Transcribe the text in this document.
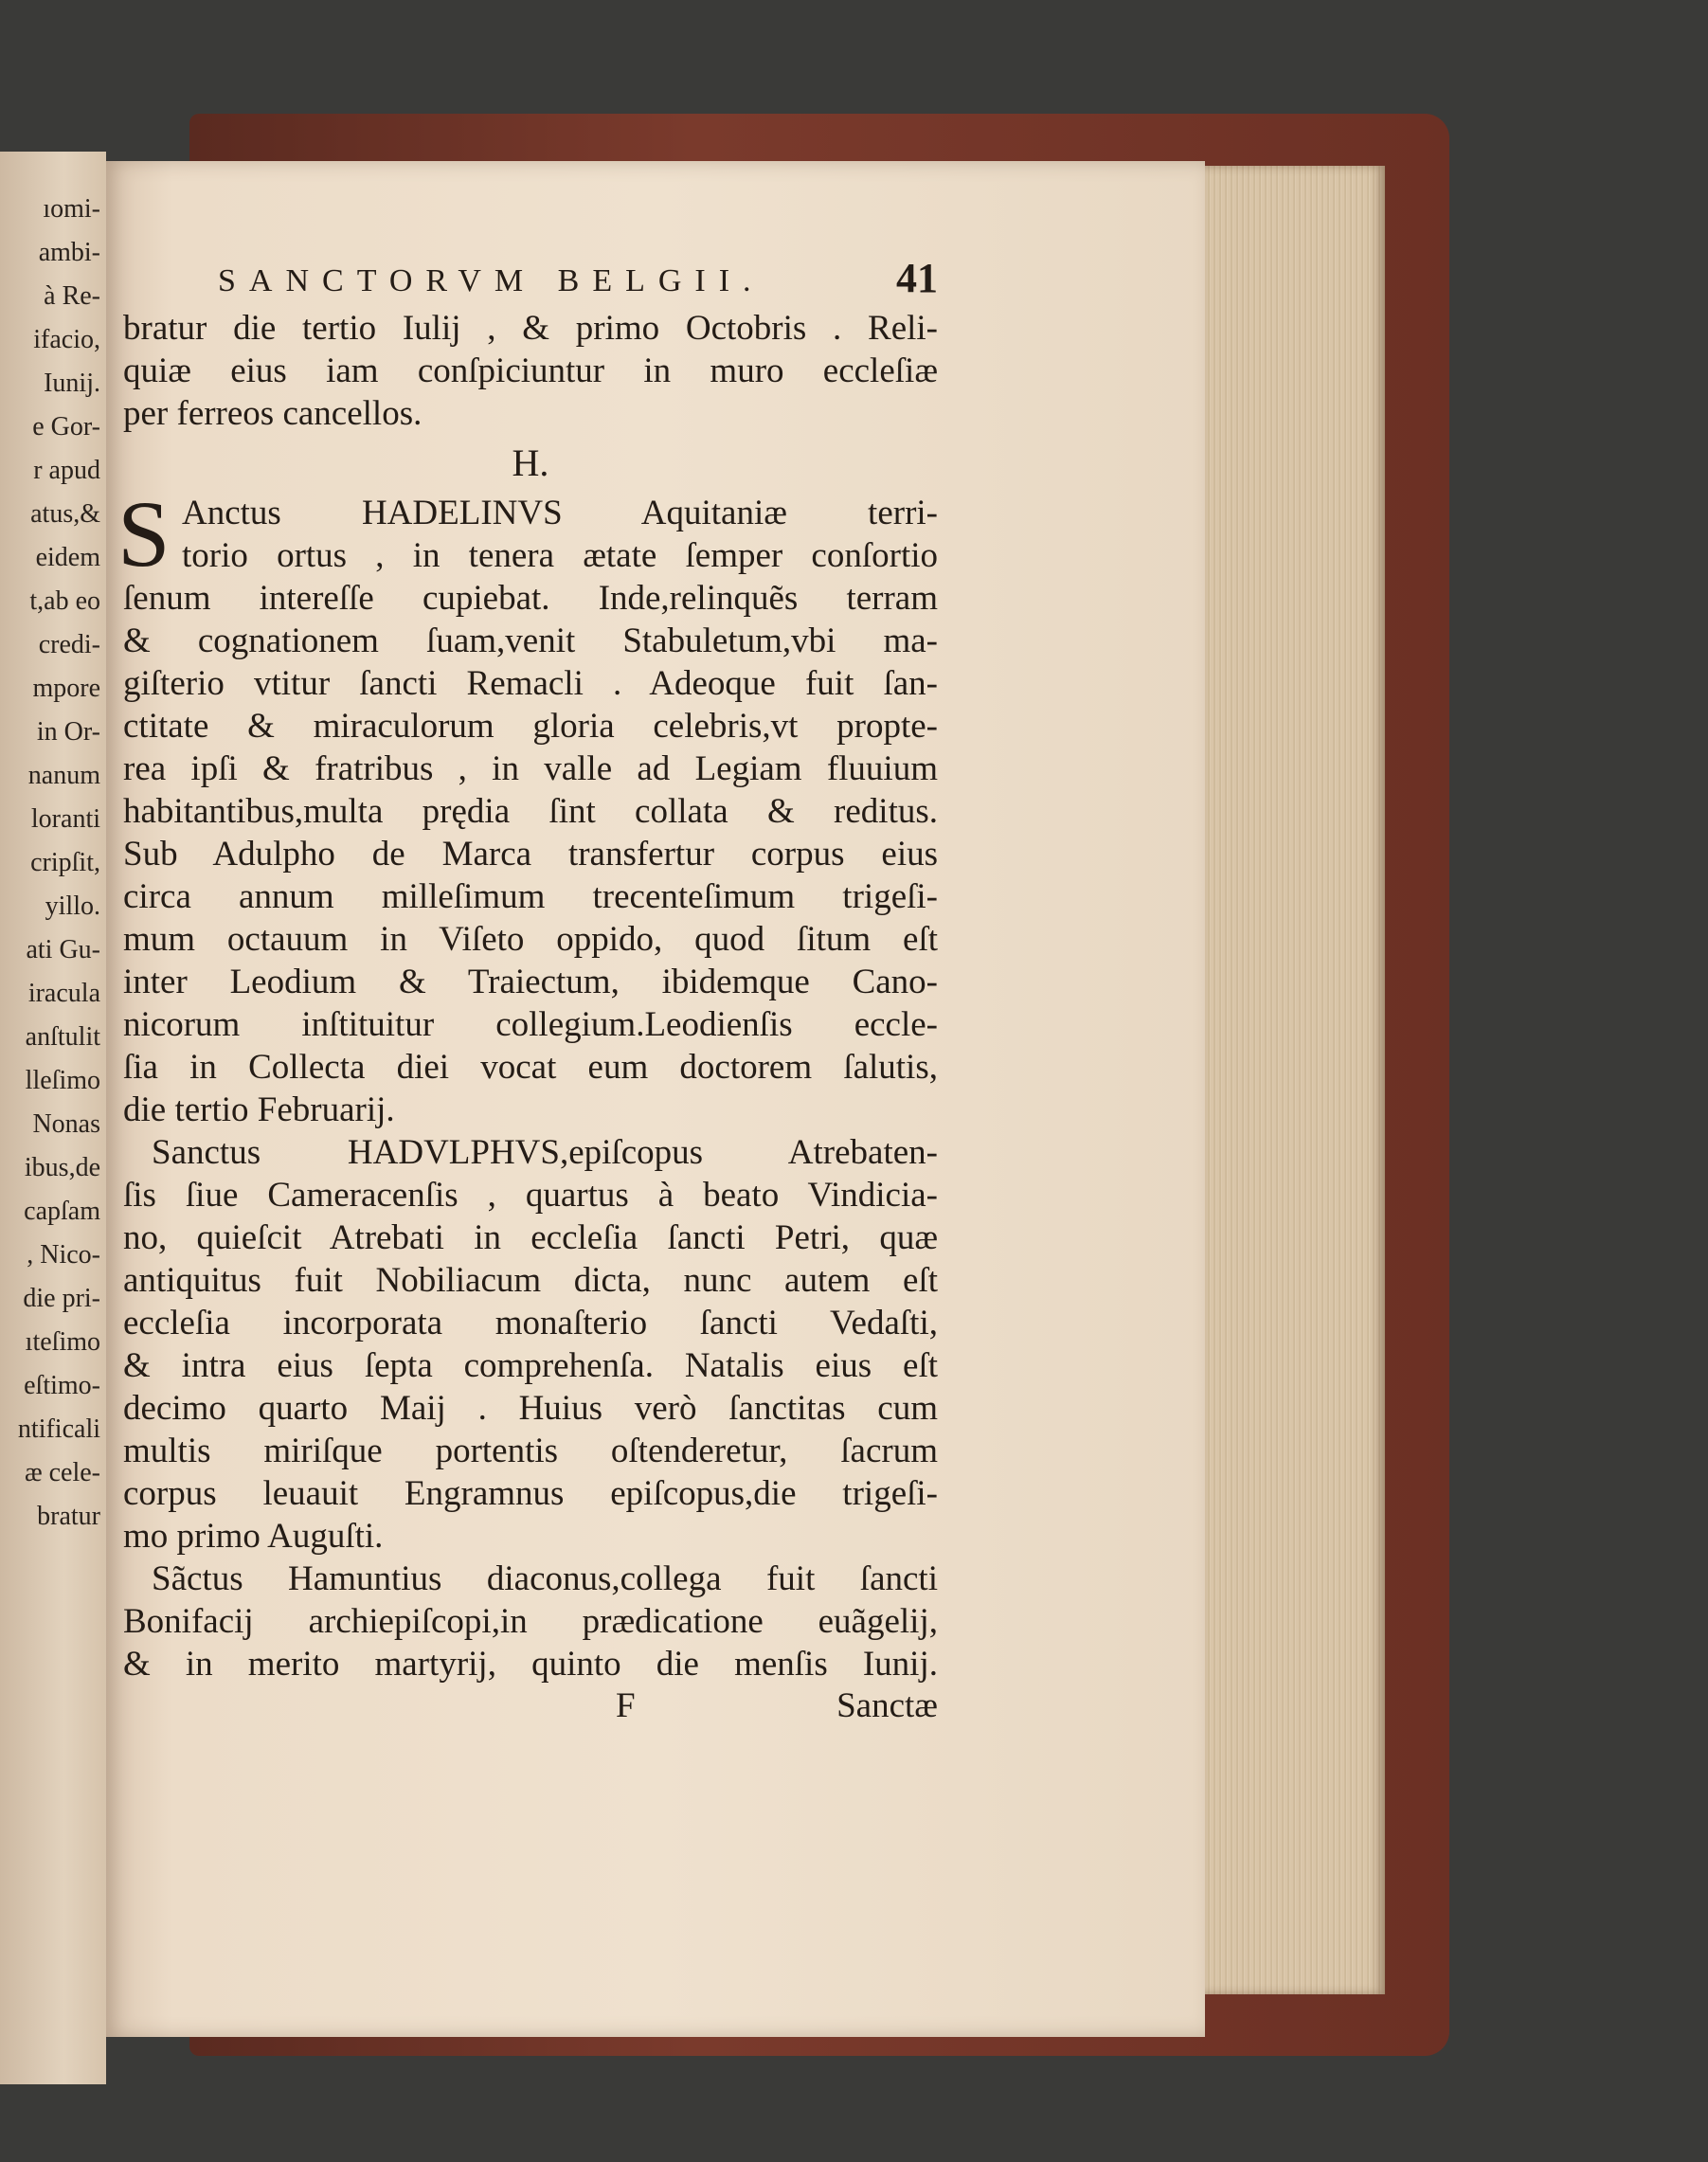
ıomi-
ambi-
à Re-
ifacio,
Iunij.
e Gor-
r apud
atus,&
eidem
t,ab eo
credi-
mpore
in Or-
nanum
loranti
cripſit,
yillo.
ati Gu-
iracula
anſtulit
lleſimo
Nonas
ibus,de
capſam
, Nico-
die pri-
ıteſimo
eſtimo-
ntificali
æ cele-
bratur
SANCTORVM BELGII.	41
bratur die tertio Iulij , & primo Octobris . Reli-
quiæ eius iam conſpiciuntur in muro eccleſiæ
per ferreos cancellos.
H.
S Anctus HADELINVS Aquitaniæ terri-
torio ortus , in tenera ætate ſemper conſortio
ſenum intereſſe cupiebat. Inde,relinquẽs terram
& cognationem ſuam,venit Stabuletum,vbi ma-
giſterio vtitur ſancti Remacli . Adeoque fuit ſan-
ctitate & miraculorum gloria celebris,vt propte-
rea ipſi & fratribus , in valle ad Legiam fluuium
habitantibus,multa prędia ſint collata & reditus.
Sub Adulpho de Marca transfertur corpus eius
circa annum milleſimum trecenteſimum trigeſi-
mum octauum in Viſeto oppido, quod ſitum eſt
inter Leodium & Traiectum, ibidemque Cano-
nicorum inſtituitur collegium.Leodienſis eccle-
ſia in Collecta diei vocat eum doctorem ſalutis,
die tertio Februarij.
Sanctus HADVLPHVS,epiſcopus Atrebaten-
ſis ſiue Cameracenſis , quartus à beato Vindicia-
no, quieſcit Atrebati in eccleſia ſancti Petri, quæ
antiquitus fuit Nobiliacum dicta, nunc autem eſt
eccleſia incorporata monaſterio ſancti Vedaſti,
& intra eius ſepta comprehenſa. Natalis eius eſt
decimo quarto Maij . Huius verò ſanctitas cum
multis miriſque portentis oſtenderetur, ſacrum
corpus leuauit Engramnus epiſcopus,die trigeſi-
mo primo Auguſti.
Sãctus Hamuntius diaconus,collega fuit ſancti
Bonifacij archiepiſcopi,in prædicatione euãgelij,
& in merito martyrij, quinto die menſis Iunij.
F	Sanctæ
